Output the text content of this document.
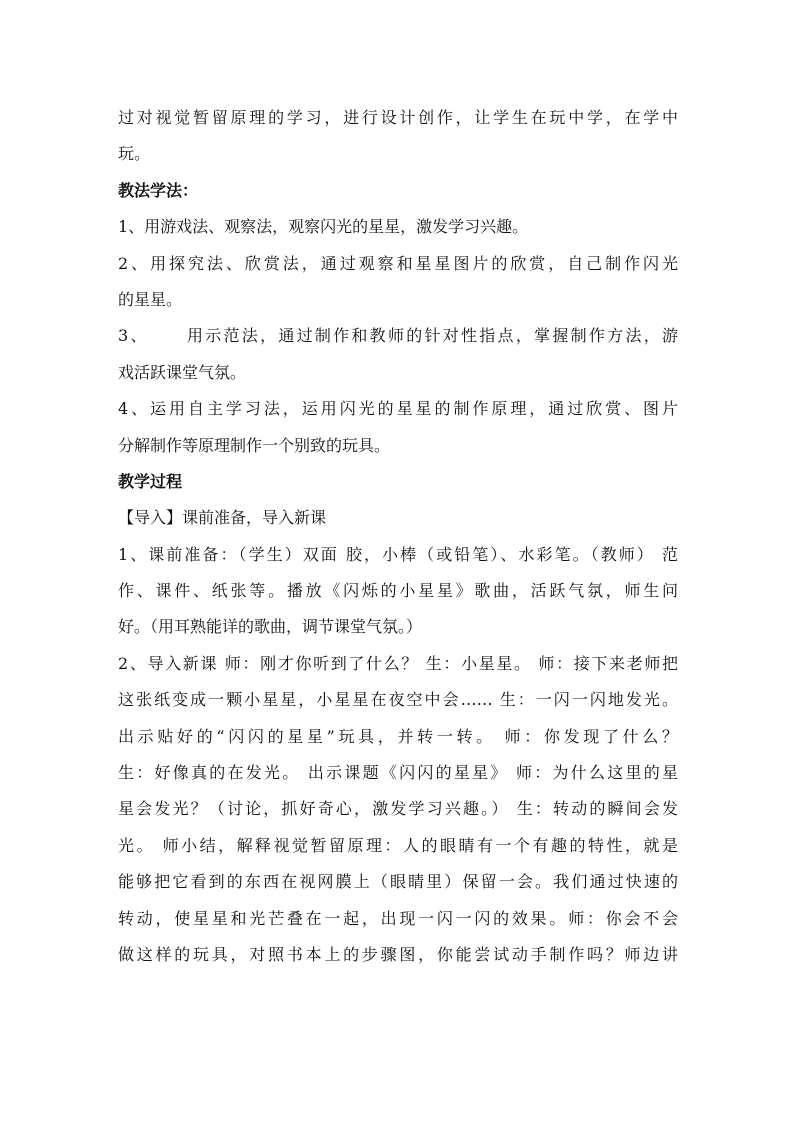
过对视觉暂留原理的学习，进行设计创作，让学生在玩中学，在学中
玩。
教法学法：
1、用游戏法、观察法，观察闪光的星星，激发学习兴趣。
2、用探究法、欣赏法，通过观察和星星图片的欣赏，自己制作闪光
的星星。
3、 用示范法，通过制作和教师的针对性指点，掌握制作方法，游
戏活跃课堂气氛。
4、运用自主学习法，运用闪光的星星的制作原理，通过欣赏、图片
分解制作等原理制作一个别致的玩具。
教学过程
【导入】课前准备，导入新课
1、课前准备：（学生）双面 胶，小棒（或铅笔）、水彩笔。（教师） 范
作、课件、纸张等。播放《闪烁的小星星》歌曲，活跃气氛，师生问
好。（用耳熟能详的歌曲，调节课堂气氛。）
2、导入新课 师：刚才你听到了什么？ 生：小星星。 师：接下来老师把
这张纸变成一颗小星星，小星星在夜空中会…… 生：一闪一闪地发光。
出示贴好的“闪闪的星星”玩具，并转一转。 师：你发现了什么？
生：好像真的在发光。 出示课题《闪闪的星星》 师：为什么这里的星
星会发光？（讨论，抓好奇心，激发学习兴趣。） 生：转动的瞬间会发
光。 师小结，解释视觉暂留原理：人的眼睛有一个有趣的特性，就是
能够把它看到的东西在视网膜上（眼睛里）保留一会。我们通过快速的
转动，使星星和光芒叠在一起，出现一闪一闪的效果。师：你会不会
做这样的玩具，对照书本上的步骤图，你能尝试动手制作吗？师边讲
